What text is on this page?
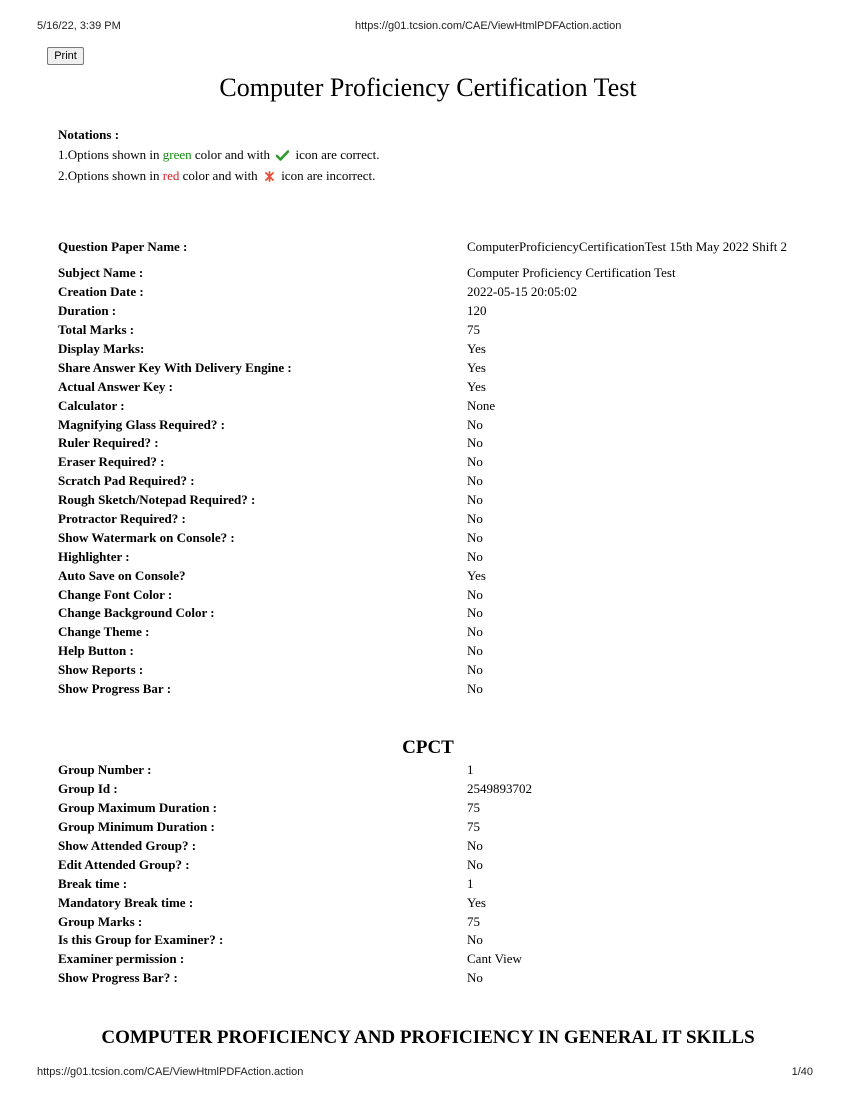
5/16/22, 3:39 PM	https://g01.tcsion.com/CAE/ViewHtmlPDFAction.action
Print
Computer Proficiency Certification Test
Notations :
1.Options shown in green color and with  icon are correct.
2.Options shown in red color and with  icon are incorrect.
Question Paper Name :	ComputerProficiencyCertificationTest 15th May 2022 Shift 2
Subject Name :	Computer Proficiency Certification Test
Creation Date :	2022-05-15 20:05:02
Duration :	120
Total Marks :	75
Display Marks:	Yes
Share Answer Key With Delivery Engine :	Yes
Actual Answer Key :	Yes
Calculator :	None
Magnifying Glass Required? :	No
Ruler Required? :	No
Eraser Required? :	No
Scratch Pad Required? :	No
Rough Sketch/Notepad Required? :	No
Protractor Required? :	No
Show Watermark on Console? :	No
Highlighter :	No
Auto Save on Console?	Yes
Change Font Color :	No
Change Background Color :	No
Change Theme :	No
Help Button :	No
Show Reports :	No
Show Progress Bar :	No
CPCT
Group Number :	1
Group Id :	2549893702
Group Maximum Duration :	75
Group Minimum Duration :	75
Show Attended Group? :	No
Edit Attended Group? :	No
Break time :	1
Mandatory Break time :	Yes
Group Marks :	75
Is this Group for Examiner? :	No
Examiner permission :	Cant View
Show Progress Bar? :	No
COMPUTER PROFICIENCY AND PROFICIENCY IN GENERAL IT SKILLS
https://g01.tcsion.com/CAE/ViewHtmlPDFAction.action	1/40
